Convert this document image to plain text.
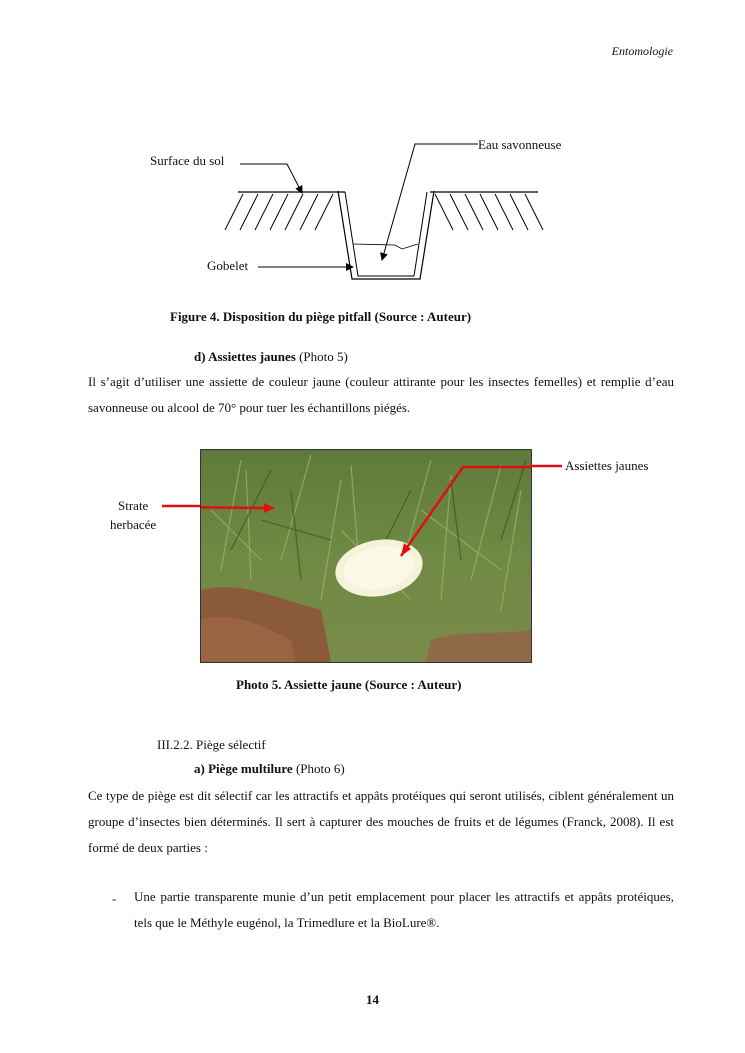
Entomologie
Surface du sol
Eau savonneuse
Gobelet
Figure 4. Disposition du piège pitfall (Source : Auteur)
d) Assiettes jaunes (Photo 5)
Il s’agit d’utiliser une assiette de couleur jaune (couleur attirante pour les insectes femelles) et remplie d’eau savonneuse ou alcool de 70° pour tuer les échantillons piégés.
Assiettes jaunes
Strate
herbacée
Photo 5. Assiette jaune (Source : Auteur)
III.2.2. Piège sélectif
a) Piège multilure (Photo 6)
Ce type de piège est dit sélectif car les attractifs et appâts protéiques qui seront utilisés, ciblent généralement un groupe d’insectes bien déterminés. Il sert à capturer des mouches de fruits et de légumes (Franck, 2008). Il est formé de deux parties :
- Une partie transparente munie d’un petit emplacement pour placer les attractifs et appâts protéiques, tels que le Méthyle eugénol, la Trimedlure et la BioLure®.
14
